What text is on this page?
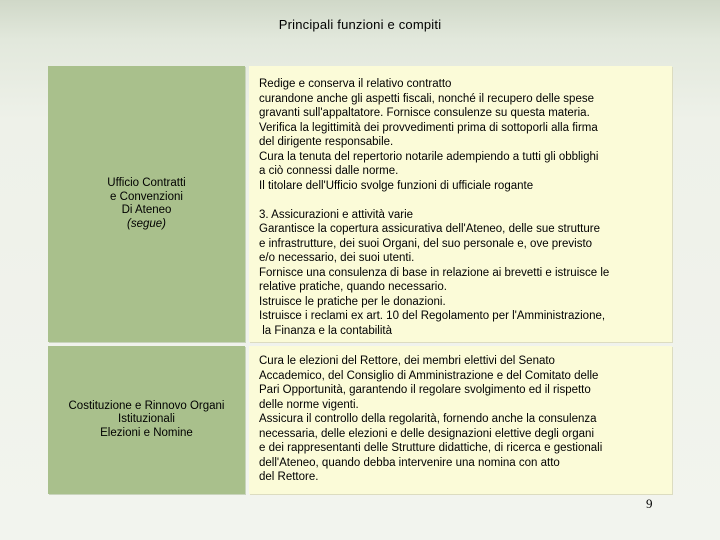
Principali funzioni e compiti
Ufficio Contratti
e Convenzioni
Di Ateneo
(segue)

Redige e conserva il relativo contratto

curandone anche gli aspetti fiscali, nonché il recupero delle spese

gravanti sull'appaltatore. Fornisce consulenze su questa materia.

Verifica la legittimità dei provvedimenti prima di sottoporli alla firma

del dirigente responsabile.

Cura la tenuta del repertorio notarile adempiendo a tutti gli obblighi

a ciò connessi dalle norme.

Il titolare dell'Ufficio svolge funzioni di ufficiale rogante

3. Assicurazioni e attività varie

Garantisce la copertura assicurativa dell'Ateneo, delle sue strutture

e infrastrutture, dei suoi Organi, del suo personale e, ove previsto

e/o necessario, dei suoi utenti.

Fornisce una consulenza di base in relazione ai brevetti e istruisce le

relative pratiche, quando necessario.

Istruisce le pratiche per le donazioni.

Istruisce i reclami ex art. 10 del Regolamento per l'Amministrazione,

la Finanza e la contabilità

Costituzione e Rinnovo Organi
Istituzionali
Elezioni e Nomine

Cura le elezioni del Rettore, dei membri elettivi del Senato

Accademico, del Consiglio di Amministrazione e del Comitato delle

Pari Opportunità, garantendo il regolare svolgimento ed il rispetto

delle norme vigenti.

Assicura il controllo della regolarità, fornendo anche la consulenza

necessaria, delle elezioni e delle designazioni elettive degli organi

e dei rappresentanti delle Strutture didattiche, di ricerca e gestionali

dell'Ateneo, quando debba intervenire una nomina con atto

del Rettore.

9
